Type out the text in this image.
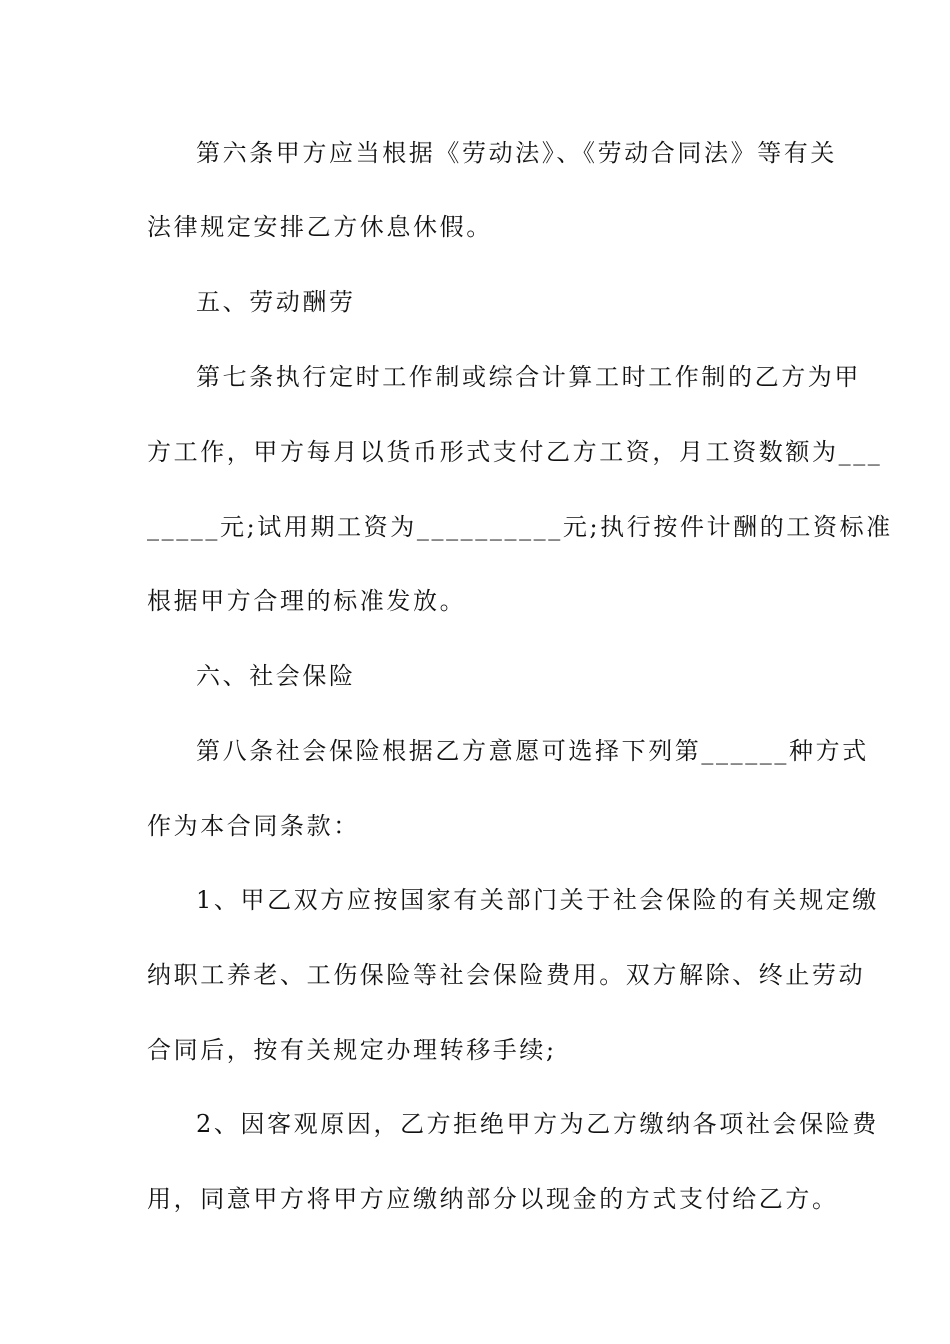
第六条甲方应当根据《劳动法》、《劳动合同法》等有关
法律规定安排乙方休息休假。
五、劳动酬劳
第七条执行定时工作制或综合计算工时工作制的乙方为甲
方工作，甲方每月以货币形式支付乙方工资，月工资数额为___
_____元;试用期工资为__________元;执行按件计酬的工资标准
根据甲方合理的标准发放。
六、社会保险
第八条社会保险根据乙方意愿可选择下列第______种方式
作为本合同条款：
1、甲乙双方应按国家有关部门关于社会保险的有关规定缴
纳职工养老、工伤保险等社会保险费用。双方解除、终止劳动
合同后，按有关规定办理转移手续;
2、因客观原因，乙方拒绝甲方为乙方缴纳各项社会保险费
用，同意甲方将甲方应缴纳部分以现金的方式支付给乙方。
